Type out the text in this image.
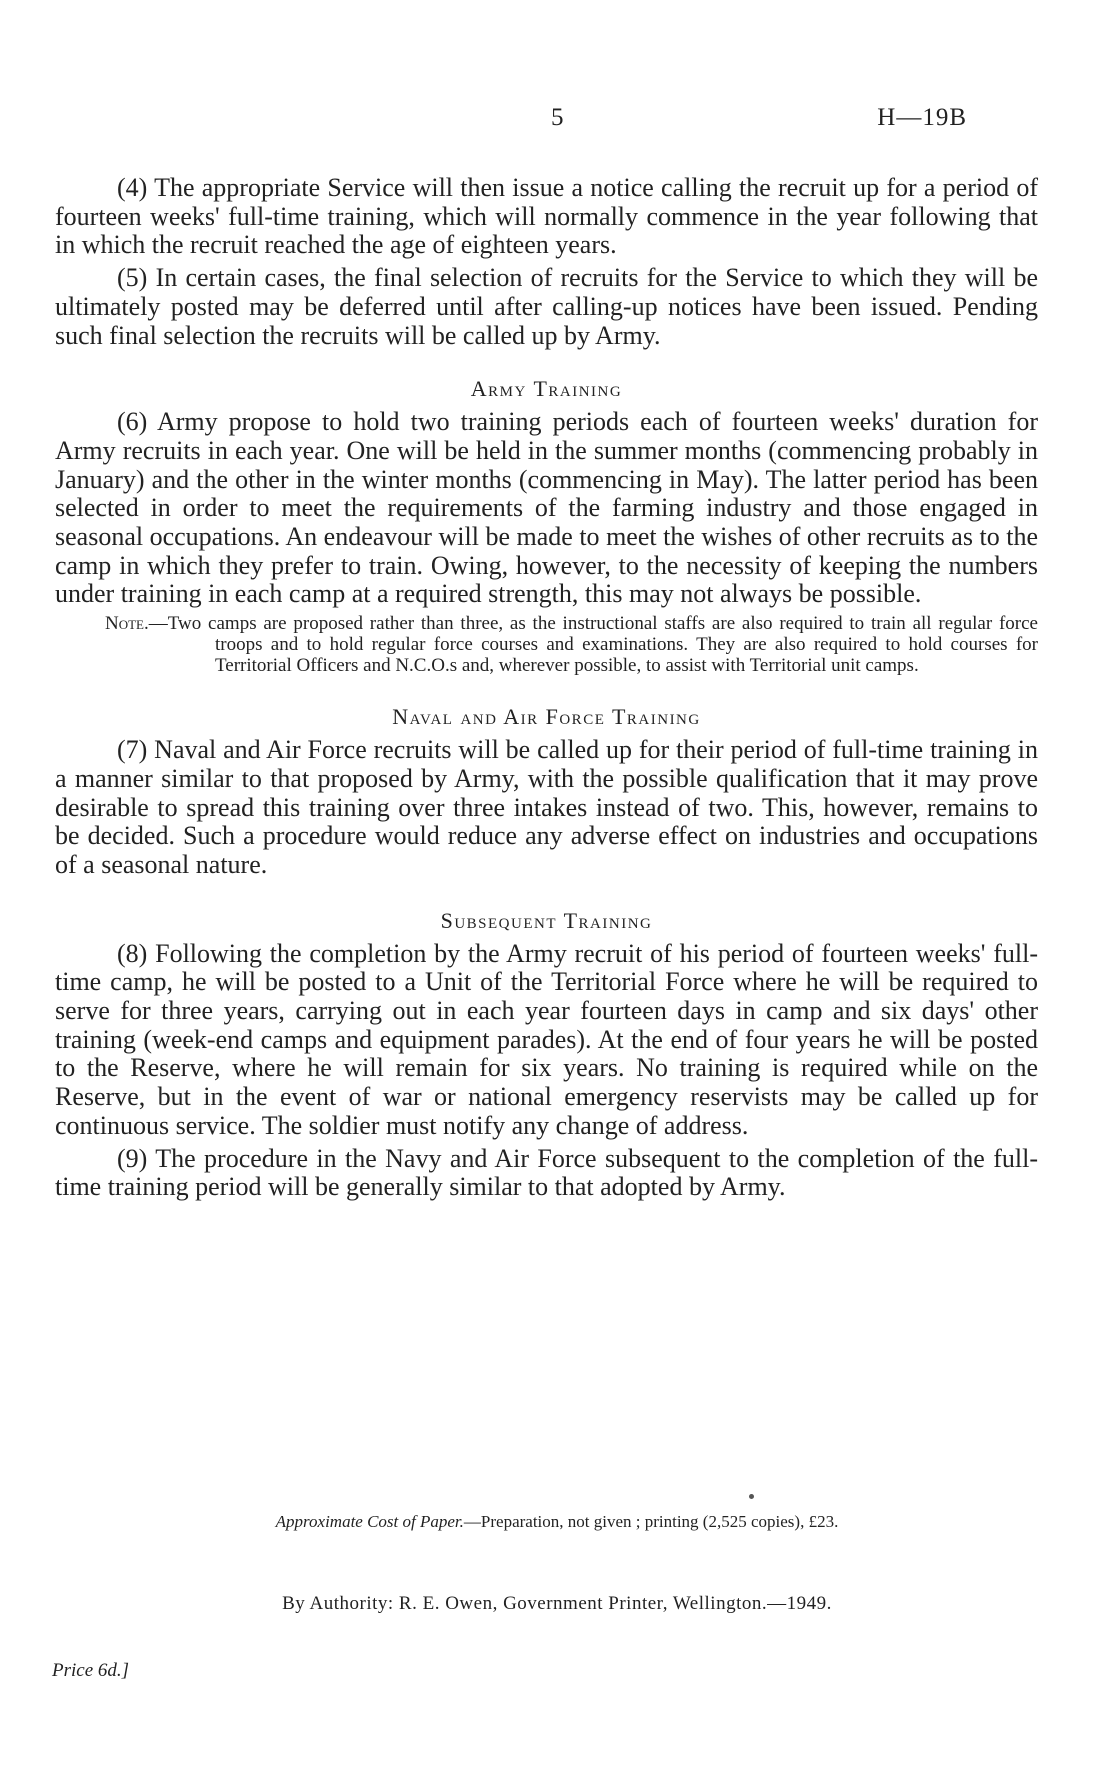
5	H—19B

(4) The appropriate Service will then issue a notice calling the recruit up for a period of fourteen weeks' full-time training, which will normally commence in the year following that in which the recruit reached the age of eighteen years.

(5) In certain cases, the final selection of recruits for the Service to which they will be ultimately posted may be deferred until after calling-up notices have been issued. Pending such final selection the recruits will be called up by Army.

Army Training

(6) Army propose to hold two training periods each of fourteen weeks' duration for Army recruits in each year. One will be held in the summer months (commencing probably in January) and the other in the winter months (commencing in May). The latter period has been selected in order to meet the requirements of the farming industry and those engaged in seasonal occupations. An endeavour will be made to meet the wishes of other recruits as to the camp in which they prefer to train. Owing, however, to the necessity of keeping the numbers under training in each camp at a required strength, this may not always be possible.

Note.—Two camps are proposed rather than three, as the instructional staffs are also required to train all regular force troops and to hold regular force courses and examinations. They are also required to hold courses for Territorial Officers and N.C.O.s and, wherever possible, to assist with Territorial unit camps.

Naval and Air Force Training

(7) Naval and Air Force recruits will be called up for their period of full-time training in a manner similar to that proposed by Army, with the possible qualification that it may prove desirable to spread this training over three intakes instead of two. This, however, remains to be decided. Such a procedure would reduce any adverse effect on industries and occupations of a seasonal nature.

Subsequent Training

(8) Following the completion by the Army recruit of his period of fourteen weeks' full-time camp, he will be posted to a Unit of the Territorial Force where he will be required to serve for three years, carrying out in each year fourteen days in camp and six days' other training (week-end camps and equipment parades). At the end of four years he will be posted to the Reserve, where he will remain for six years. No training is required while on the Reserve, but in the event of war or national emergency reservists may be called up for continuous service. The soldier must notify any change of address.

(9) The procedure in the Navy and Air Force subsequent to the completion of the full-time training period will be generally similar to that adopted by Army.

Approximate Cost of Paper.—Preparation, not given ; printing (2,525 copies), £23.
By Authority: R. E. Owen, Government Printer, Wellington.—1949.
Price 6d.]
